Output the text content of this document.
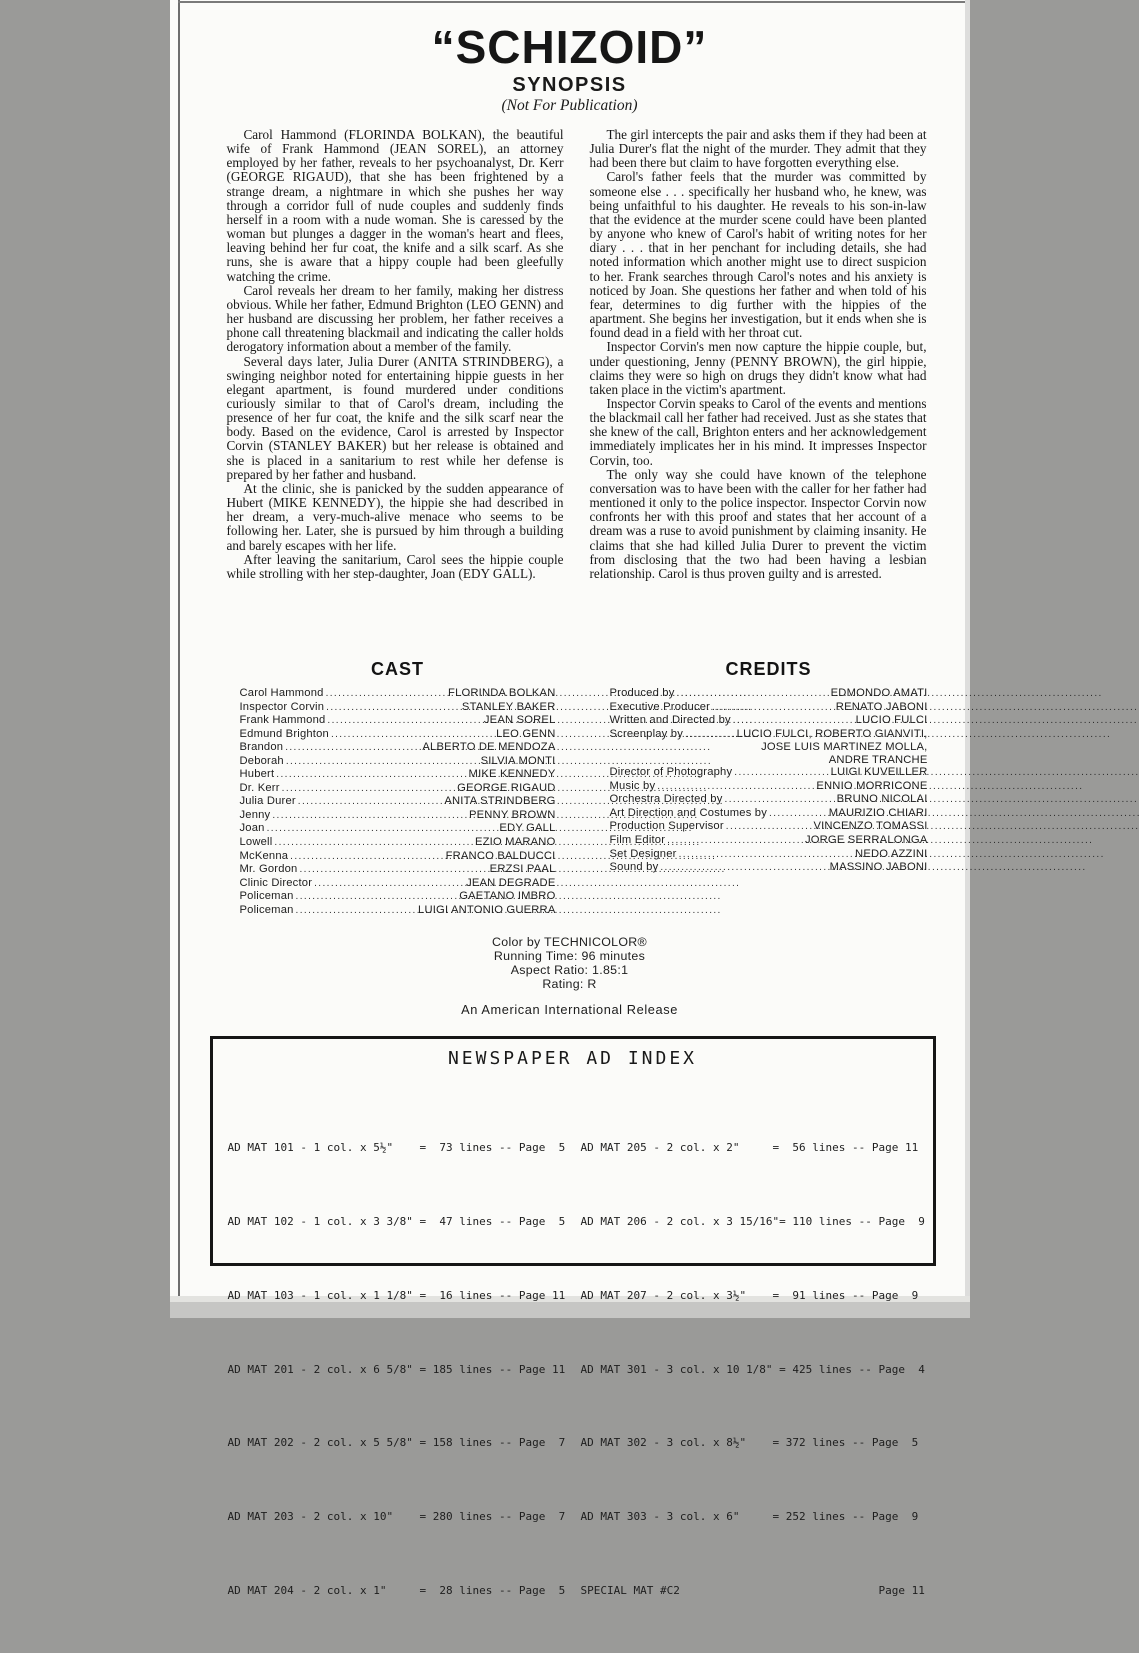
“SCHIZOID”
SYNOPSIS
(Not For Publication)

Carol Hammond (FLORINDA BOLKAN), the beautiful wife of Frank Hammond (JEAN SOREL), an attorney employed by her father, reveals to her psychoanalyst, Dr. Kerr (GEORGE RIGAUD), that she has been frightened by a strange dream, a nightmare in which she pushes her way through a corridor full of nude couples and suddenly finds herself in a room with a nude woman. She is caressed by the woman but plunges a dagger in the woman's heart and flees, leaving behind her fur coat, the knife and a silk scarf. As she runs, she is aware that a hippy couple had been gleefully watching the crime.

Carol reveals her dream to her family, making her distress obvious. While her father, Edmund Brighton (LEO GENN) and her husband are discussing her problem, her father receives a phone call threatening blackmail and indicating the caller holds derogatory information about a member of the family.

Several days later, Julia Durer (ANITA STRINDBERG), a swinging neighbor noted for entertaining hippie guests in her elegant apartment, is found murdered under conditions curiously similar to that of Carol's dream, including the presence of her fur coat, the knife and the silk scarf near the body. Based on the evidence, Carol is arrested by Inspector Corvin (STANLEY BAKER) but her release is obtained and she is placed in a sanitarium to rest while her defense is prepared by her father and husband.

At the clinic, she is panicked by the sudden appearance of Hubert (MIKE KENNEDY), the hippie she had described in her dream, a very-much-alive menace who seems to be following her. Later, she is pursued by him through a building and barely escapes with her life.

After leaving the sanitarium, Carol sees the hippie couple while strolling with her step-daughter, Joan (EDY GALL).

The girl intercepts the pair and asks them if they had been at Julia Durer's flat the night of the murder. They admit that they had been there but claim to have forgotten everything else.

Carol's father feels that the murder was committed by someone else . . . specifically her husband who, he knew, was being unfaithful to his daughter. He reveals to his son-in-law that the evidence at the murder scene could have been planted by anyone who knew of Carol's habit of writing notes for her diary . . . that in her penchant for including details, she had noted information which another might use to direct suspicion to her. Frank searches through Carol's notes and his anxiety is noticed by Joan. She questions her father and when told of his fear, determines to dig further with the hippies of the apartment. She begins her investigation, but it ends when she is found dead in a field with her throat cut.

Inspector Corvin's men now capture the hippie couple, but, under questioning, Jenny (PENNY BROWN), the girl hippie, claims they were so high on drugs they didn't know what had taken place in the victim's apartment.

Inspector Corvin speaks to Carol of the events and mentions the blackmail call her father had received. Just as she states that she knew of the call, Brighton enters and her acknowledgement immediately implicates her in his mind. It impresses Inspector Corvin, too.

The only way she could have known of the telephone conversation was to have been with the caller for her father had mentioned it only to the police inspector. Inspector Corvin now confronts her with this proof and states that her account of a dream was a ruse to avoid punishment by claiming insanity. He claims that she had killed Julia Durer to prevent the victim from disclosing that the two had been having a lesbian relationship. Carol is thus proven guilty and is arrested.

CAST
Carol Hammond .....	FLORINDA BOLKAN
Inspector Corvin .....	STANLEY BAKER
Frank Hammond .....	JEAN SOREL
Edmund Brighton .....	LEO GENN
Brandon .....	ALBERTO DE MENDOZA
Deborah .....	SILVIA MONTI
Hubert .....	MIKE KENNEDY
Dr. Kerr .....	GEORGE RIGAUD
Julia Durer .....	ANITA STRINDBERG
Jenny .....	PENNY BROWN
Joan .....	EDY GALL
Lowell .....	EZIO MARANO
McKenna .....	FRANCO BALDUCCI
Mr. Gordon .....	ERZSI PAAL
Clinic Director .....	JEAN DEGRADE
Policeman .....	GAETANO IMBRO
Policeman .....	LUIGI ANTONIO GUERRA
CREDITS
Produced by .....	EDMONDO AMATI
Executive Producer .....	RENATO JABONI
Written and Directed by .....	LUCIO FULCI
Screenplay by .....	LUCIO FULCI, ROBERTO GIANVITI,
JOSE LUIS MARTINEZ MOLLA,
ANDRE TRANCHE
Director of Photography .....	LUIGI KUVEILLER
Music by .....	ENNIO MORRICONE
Orchestra Directed by .....	BRUNO NICOLAI
Art Direction and Costumes by .....	MAURIZIO CHIARI
Production Supervisor .....	VINCENZO TOMASSI
Film Editor .....	JORGE SERRALONGA
Set Designer .....	NEDO AZZINI
Sound by .....	MASSINO JABONI
Color by TECHNICOLOR®
Running Time: 96 minutes
Aspect Ratio: 1.85:1
Rating: R
An American International Release
NEWSPAPER AD INDEX

AD MAT 101 - 1 col. x 5½"    =  73 lines -- Page  5

AD MAT 102 - 1 col. x 3 3/8" =  47 lines -- Page  5

AD MAT 103 - 1 col. x 1 1/8" =  16 lines -- Page 11

AD MAT 201 - 2 col. x 6 5/8" = 185 lines -- Page 11

AD MAT 202 - 2 col. x 5 5/8" = 158 lines -- Page  7

AD MAT 203 - 2 col. x 10"    = 280 lines -- Page  7

AD MAT 204 - 2 col. x 1"     =  28 lines -- Page  5

AD MAT 205 - 2 col. x 2"     =  56 lines -- Page 11

AD MAT 206 - 2 col. x 3 15/16"= 110 lines -- Page  9

AD MAT 207 - 2 col. x 3½"    =  91 lines -- Page  9

AD MAT 301 - 3 col. x 10 1/8" = 425 lines -- Page  4

AD MAT 302 - 3 col. x 8½"    = 372 lines -- Page  5

AD MAT 303 - 3 col. x 6"     = 252 lines -- Page  9

SPECIAL MAT #C2                              Page 11
